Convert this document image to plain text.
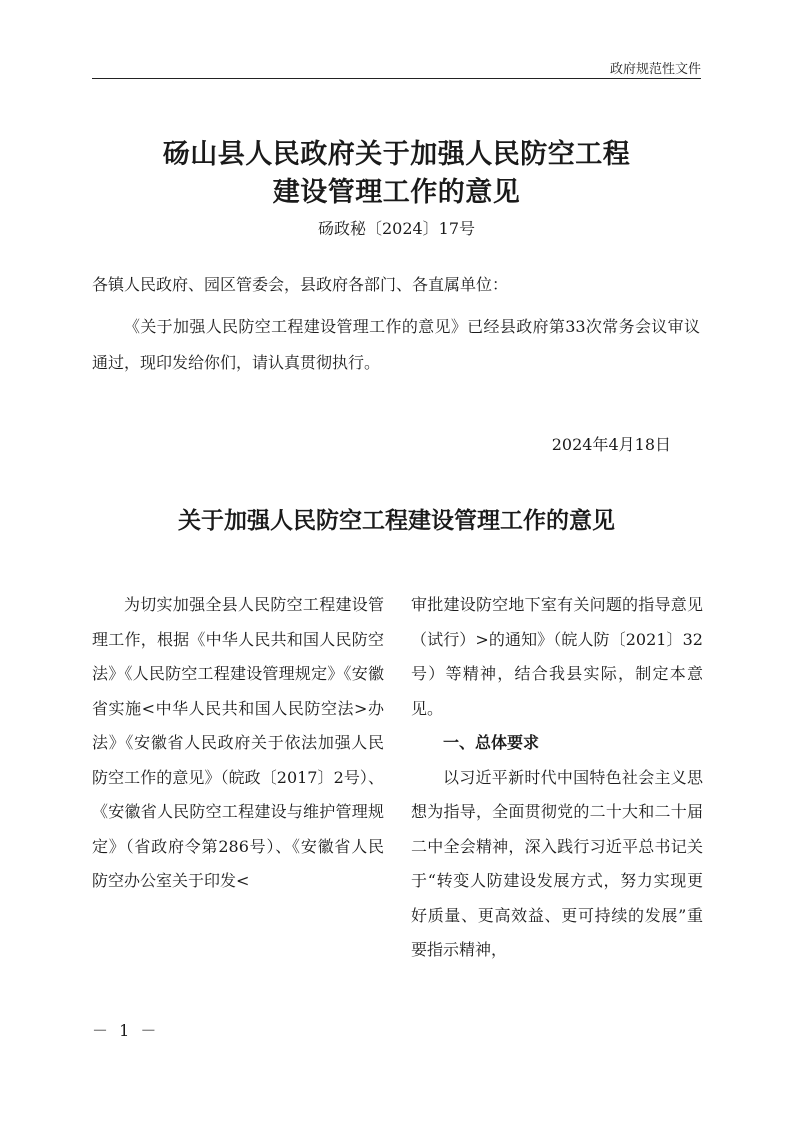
政府规范性文件
砀山县人民政府关于加强人民防空工程
建设管理工作的意见
砀政秘〔2024〕17号
各镇人民政府、园区管委会，县政府各部门、各直属单位：

《关于加强人民防空工程建设管理工作的意见》已经县政府第33次常务会议审议通过，现印发给你们，请认真贯彻执行。

2024年4月18日
关于加强人民防空工程建设管理工作的意见

为切实加强全县人民防空工程建设管理工作，根据《中华人民共和国人民防空法》《人民防空工程建设管理规定》《安徽省实施<中华人民共和国人民防空法>办法》《安徽省人民政府关于依法加强人民防空工作的意见》（皖政〔2017〕2号）、《安徽省人民防空工程建设与维护管理规定》（省政府令第286号）、《安徽省人民防空办公室关于印发<

审批建设防空地下室有关问题的指导意见（试行）>的通知》（皖人防〔2021〕32号）等精神，结合我县实际，制定本意见。

一、总体要求

以习近平新时代中国特色社会主义思想为指导，全面贯彻党的二十大和二十届二中全会精神，深入践行习近平总书记关于“转变人防建设发展方式，努力实现更好质量、更高效益、更可持续的发展”重要指示精神，

－ 1 －
